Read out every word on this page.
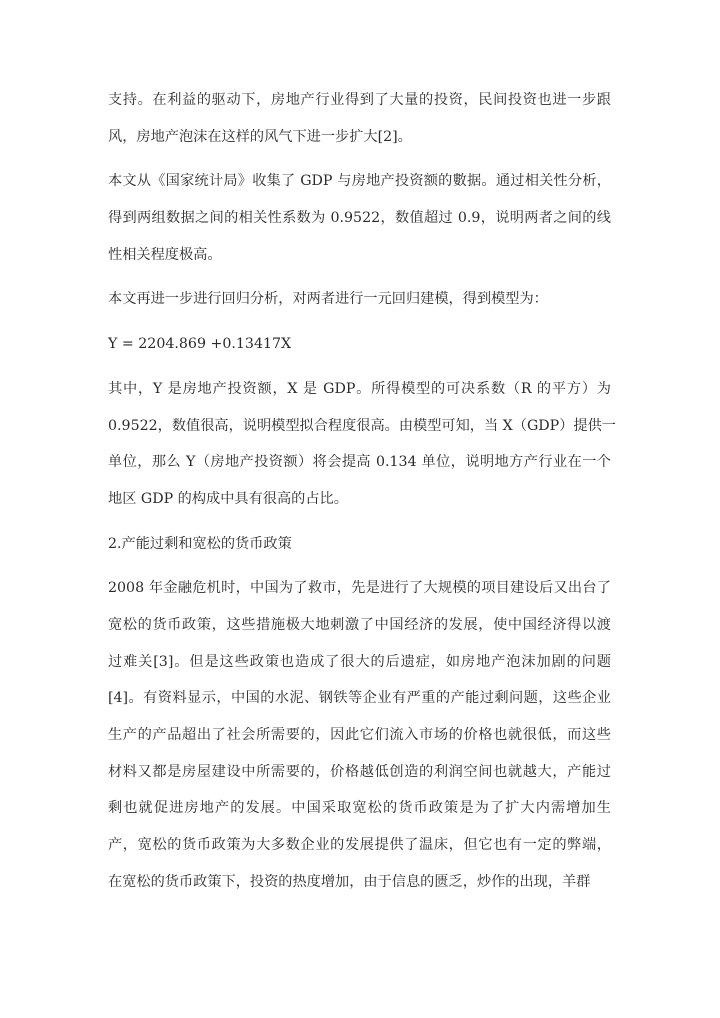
支持。在利益的驱动下，房地产行业得到了大量的投资，民间投资也进一步跟
风，房地产泡沫在这样的风气下进一步扩大[2]。
本文从《国家统计局》收集了 GDP 与房地产投资额的數据。通过相关性分析，
得到两组数据之间的相关性系数为 0.9522，数值超过 0.9，说明两者之间的线
性相关程度极高。
本文再进一步进行回归分析，对两者进行一元回归建模，得到模型为：
Y = 2204.869 +0.13417X
其中，Y 是房地产投资额，X 是 GDP。所得模型的可决系数（R 的平方）为
0.9522，数值很高，说明模型拟合程度很高。由模型可知，当 X（GDP）提供一
单位，那么 Y（房地产投资额）将会提高 0.134 单位，说明地方产行业在一个
地区 GDP 的构成中具有很高的占比。
2.产能过剩和宽松的货币政策
2008 年金融危机时，中国为了救市，先是进行了大规模的项目建设后又出台了
宽松的货币政策，这些措施极大地刺激了中国经济的发展，使中国经济得以渡
过难关[3]。但是这些政策也造成了很大的后遗症，如房地产泡沫加剧的问题
[4]。有资料显示，中国的水泥、钢铁等企业有严重的产能过剩问题，这些企业
生产的产品超出了社会所需要的，因此它们流入市场的价格也就很低，而这些
材料又都是房屋建设中所需要的，价格越低创造的利润空间也就越大，产能过
剩也就促进房地产的发展。中国采取宽松的货币政策是为了扩大内需增加生
产，宽松的货币政策为大多数企业的发展提供了温床，但它也有一定的弊端，
在宽松的货币政策下，投资的热度增加，由于信息的匮乏，炒作的出现，羊群
